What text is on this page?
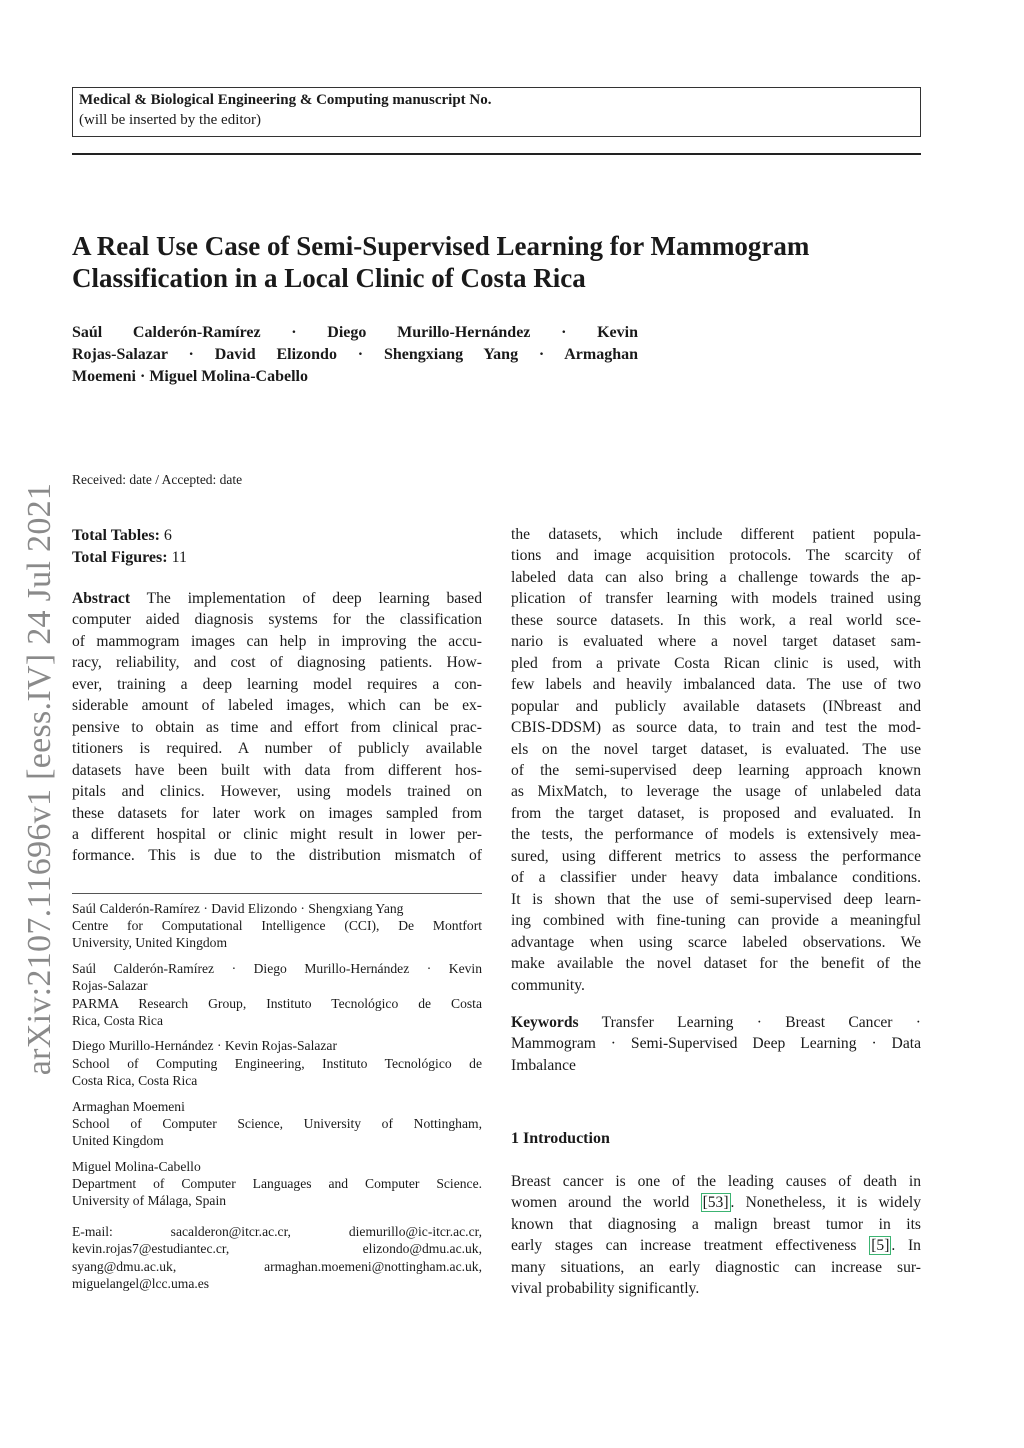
Medical & Biological Engineering & Computing manuscript No.
(will be inserted by the editor)
arXiv:2107.11696v1 [eess.IV] 24 Jul 2021
A Real Use Case of Semi-Supervised Learning for Mammogram
Classification in a Local Clinic of Costa Rica
Saúl Calderón-Ramírez · Diego Murillo-Hernández · Kevin
Rojas-Salazar · David Elizondo · Shengxiang Yang · Armaghan
Moemeni · Miguel Molina-Cabello
Received: date / Accepted: date
Total Tables: 6
Total Figures: 11
Abstract The implementation of deep learning based
computer aided diagnosis systems for the classification
of mammogram images can help in improving the accu-
racy, reliability, and cost of diagnosing patients. How-
ever, training a deep learning model requires a con-
siderable amount of labeled images, which can be ex-
pensive to obtain as time and effort from clinical prac-
titioners is required. A number of publicly available
datasets have been built with data from different hos-
pitals and clinics. However, using models trained on
these datasets for later work on images sampled from
a different hospital or clinic might result in lower per-
formance. This is due to the distribution mismatch of
the datasets, which include different patient popula-
tions and image acquisition protocols. The scarcity of
labeled data can also bring a challenge towards the ap-
plication of transfer learning with models trained using
these source datasets. In this work, a real world sce-
nario is evaluated where a novel target dataset sam-
pled from a private Costa Rican clinic is used, with
few labels and heavily imbalanced data. The use of two
popular and publicly available datasets (INbreast and
CBIS-DDSM) as source data, to train and test the mod-
els on the novel target dataset, is evaluated. The use
of the semi-supervised deep learning approach known
as MixMatch, to leverage the usage of unlabeled data
from the target dataset, is proposed and evaluated. In
the tests, the performance of models is extensively mea-
sured, using different metrics to assess the performance
of a classifier under heavy data imbalance conditions.
It is shown that the use of semi-supervised deep learn-
ing combined with fine-tuning can provide a meaningful
advantage when using scarce labeled observations. We
make available the novel dataset for the benefit of the
community.
Keywords Transfer Learning · Breast Cancer ·
Mammogram · Semi-Supervised Deep Learning · Data
Imbalance
1 Introduction
Breast cancer is one of the leading causes of death in
women around the world [53] . Nonetheless, it is widely
known that diagnosing a malign breast tumor in its
early stages can increase treatment effectiveness [5] . In
many situations, an early diagnostic can increase sur-
vival probability significantly.
Saúl Calderón-Ramírez · David Elizondo · Shengxiang Yang
Centre for Computational Intelligence (CCI), De Montfort
University, United Kingdom
Saúl Calderón-Ramírez · Diego Murillo-Hernández · Kevin
Rojas-Salazar
PARMA Research Group, Instituto Tecnológico de Costa
Rica, Costa Rica
Diego Murillo-Hernández · Kevin Rojas-Salazar
School of Computing Engineering, Instituto Tecnológico de
Costa Rica, Costa Rica
Armaghan Moemeni
School of Computer Science, University of Nottingham,
United Kingdom
Miguel Molina-Cabello
Department of Computer Languages and Computer Science.
University of Málaga, Spain
E-mail: sacalderon@itcr.ac.cr, diemurillo@ic-itcr.ac.cr,
kevin.rojas7@estudiantec.cr, elizondo@dmu.ac.uk,
syang@dmu.ac.uk, armaghan.moemeni@nottingham.ac.uk,
miguelangel@lcc.uma.es
